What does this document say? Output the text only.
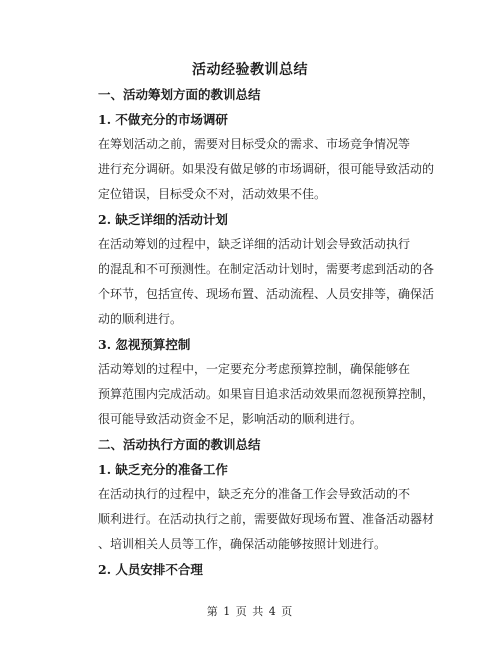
活动经验教训总结
一、活动筹划方面的教训总结
1. 不做充分的市场调研
在筹划活动之前，需要对目标受众的需求、市场竞争情况等
进行充分调研。如果没有做足够的市场调研，很可能导致活动的
定位错误，目标受众不对，活动效果不佳。
2. 缺乏详细的活动计划
在活动筹划的过程中，缺乏详细的活动计划会导致活动执行
的混乱和不可预测性。在制定活动计划时，需要考虑到活动的各
个环节，包括宣传、现场布置、活动流程、人员安排等，确保活
动的顺利进行。
3. 忽视预算控制
活动筹划的过程中，一定要充分考虑预算控制，确保能够在
预算范围内完成活动。如果盲目追求活动效果而忽视预算控制，
很可能导致活动资金不足，影响活动的顺利进行。
二、活动执行方面的教训总结
1. 缺乏充分的准备工作
在活动执行的过程中，缺乏充分的准备工作会导致活动的不
顺利进行。在活动执行之前，需要做好现场布置、准备活动器材
、培训相关人员等工作，确保活动能够按照计划进行。
2. 人员安排不合理
第 1 页 共 4 页
